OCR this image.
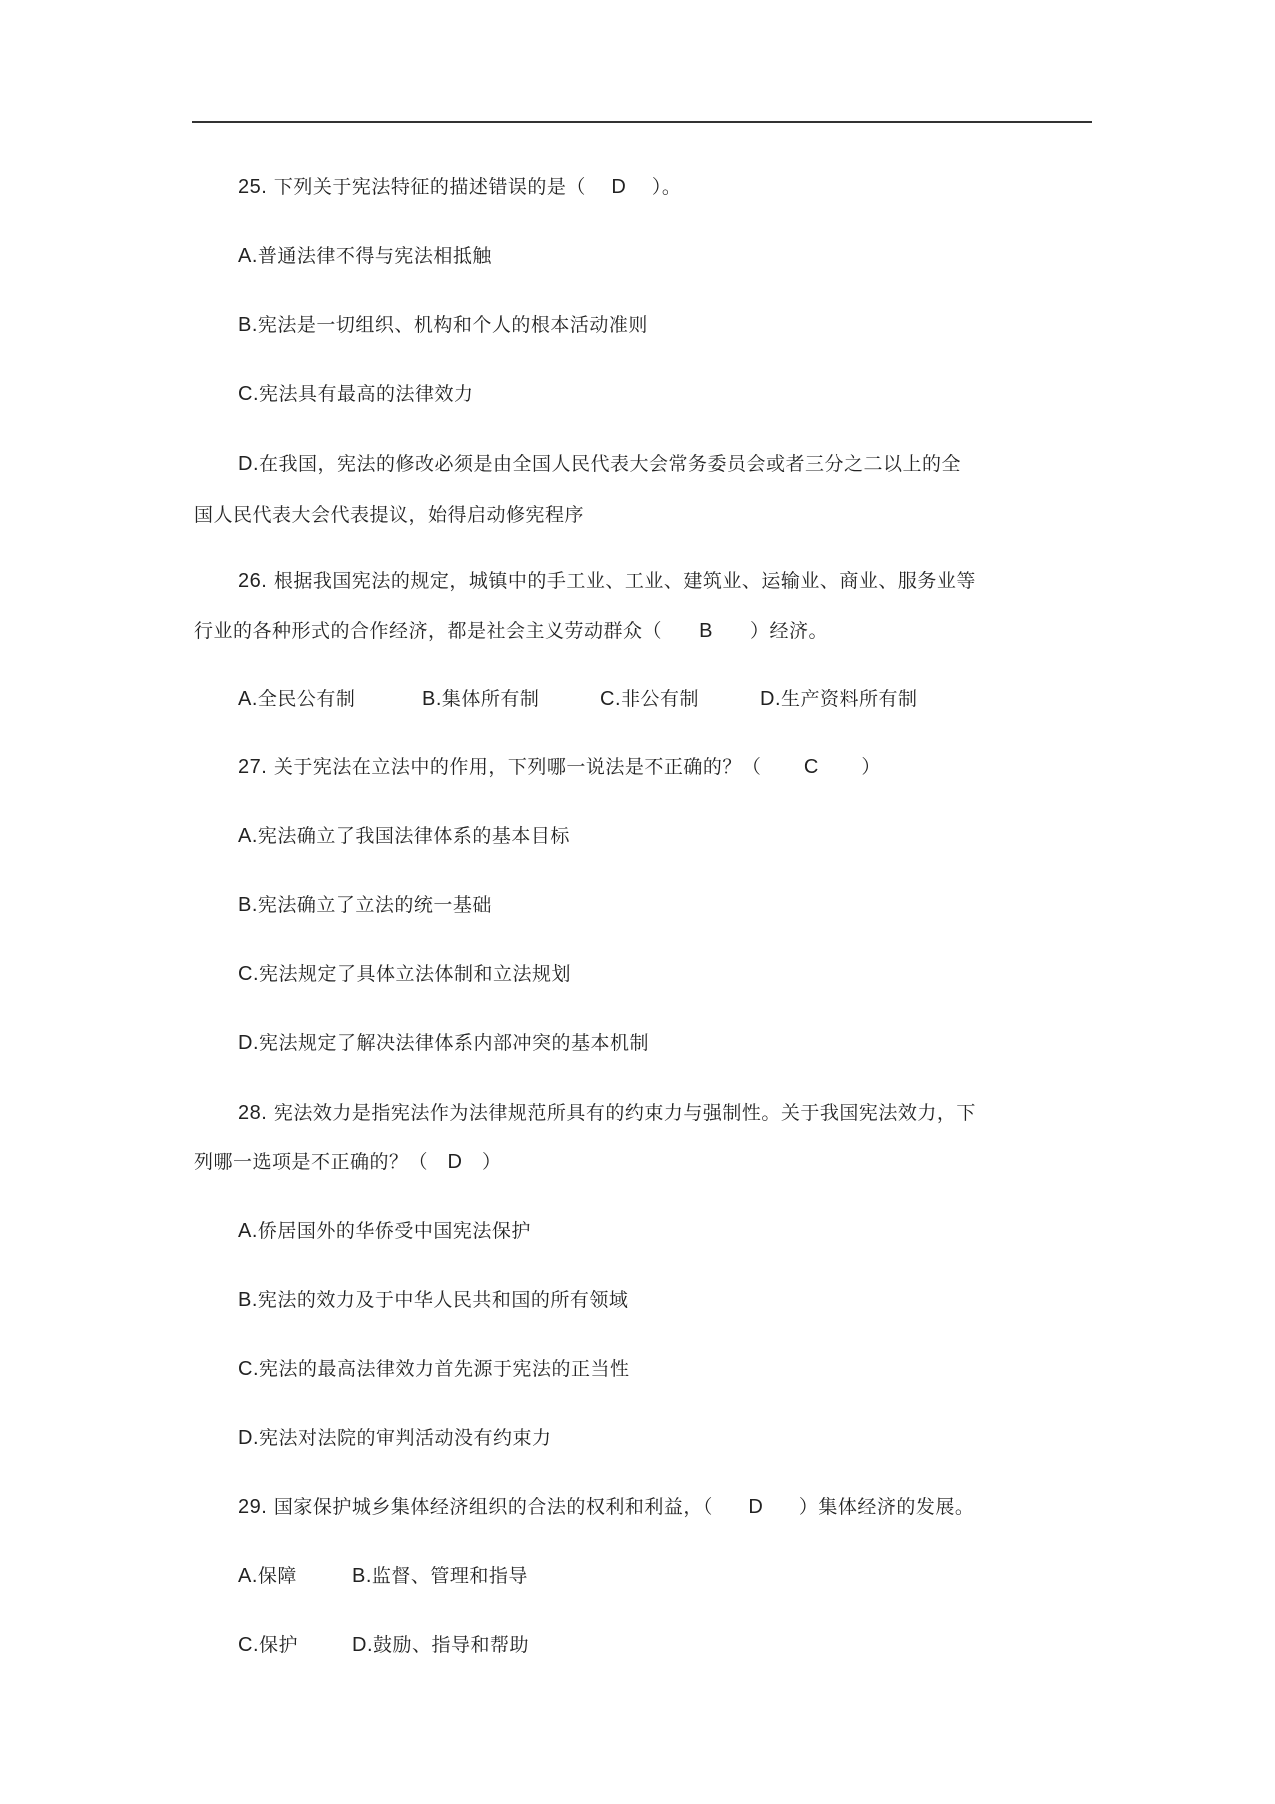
25. 下列关于宪法特征的描述错误的是（ D ）。
A.普通法律不得与宪法相抵触
B.宪法是一切组织、机构和个人的根本活动准则
C.宪法具有最高的法律效力
D.在我国，宪法的修改必须是由全国人民代表大会常务委员会或者三分之二以上的全
国人民代表大会代表提议，始得启动修宪程序
26. 根据我国宪法的规定，城镇中的手工业、工业、建筑业、运输业、商业、服务业等
行业的各种形式的合作经济，都是社会主义劳动群众（ B ）经济。
A.全民公有制	B.集体所有制	C.非公有制	D.生产资料所有制
27. 关于宪法在立法中的作用，下列哪一说法是不正确的？（ C ）
A.宪法确立了我国法律体系的基本目标
B.宪法确立了立法的统一基础
C.宪法规定了具体立法体制和立法规划
D.宪法规定了解决法律体系内部冲突的基本机制
28. 宪法效力是指宪法作为法律规范所具有的约束力与强制性。关于我国宪法效力，下
列哪一选项是不正确的？（ D ）
A.侨居国外的华侨受中国宪法保护
B.宪法的效力及于中华人民共和国的所有领域
C.宪法的最高法律效力首先源于宪法的正当性
D.宪法对法院的审判活动没有约束力
29. 国家保护城乡集体经济组织的合法的权利和利益，（ D ）集体经济的发展。
A.保障	B.监督、管理和指导
C.保护	D.鼓励、指导和帮助
